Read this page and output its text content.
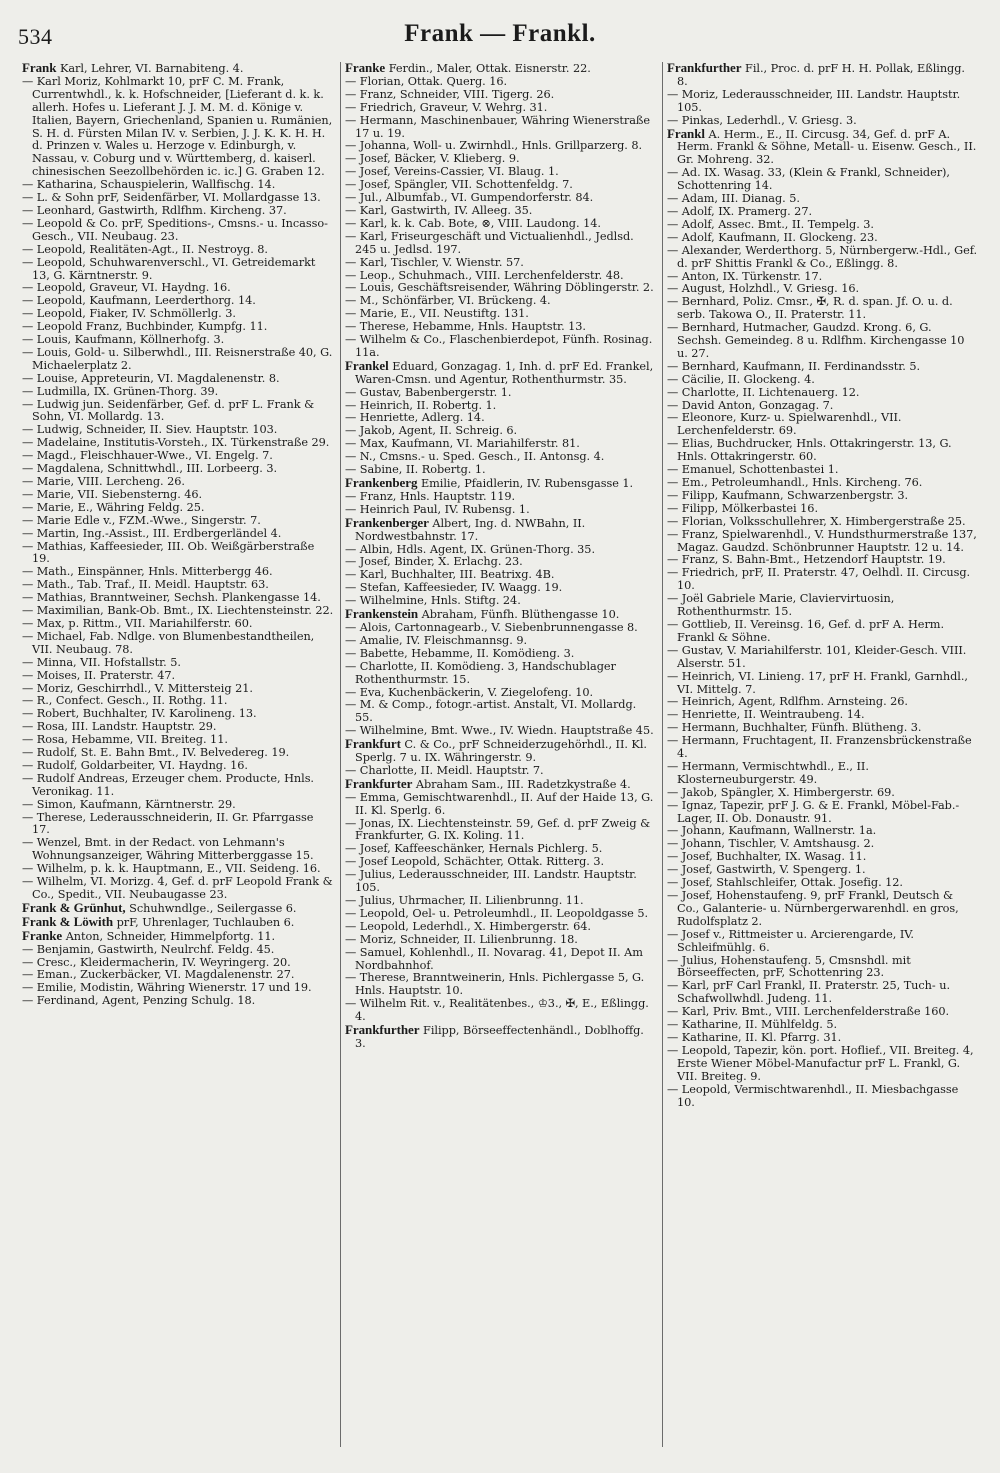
534	Frank — Frankl.

Frank Karl, Lehrer, VI. Barnabiteng. 4.

— Karl Moriz, Kohlmarkt 10, prF C. M. Frank, Currentwhdl., k. k. Hofschneider, [Lieferant d. k. k. allerh. Hofes u. Lieferant J. J. M. M. d. Könige v. Italien, Bayern, Griechenland, Spanien u. Rumänien, S. H. d. Fürsten Milan IV. v. Serbien, J. J. K. K. H. H. d. Prinzen v. Wales u. Herzoge v. Edinburgh, v. Nassau, v. Coburg und v. Württemberg, d. kaiserl. chinesischen Seezollbehörden ic. ic.] G. Graben 12.

— Katharina, Schauspielerin, Wallfischg. 14.

— L. & Sohn prF, Seidenfärber, VI. Mollardgasse 13.

— Leonhard, Gastwirth, Rdlfhm. Kircheng. 37.

— Leopold & Co. prF, Speditions-, Cmsns.- u. Incasso-Gesch., VII. Neubaug. 23.

— Leopold, Realitäten-Agt., II. Nestroyg. 8.

— Leopold, Schuhwarenverschl., VI. Getreidemarkt 13, G. Kärntnerstr. 9.

— Leopold, Graveur, VI. Haydng. 16.

— Leopold, Kaufmann, Leerderthorg. 14.

— Leopold, Fiaker, IV. Schmöllerlg. 3.

— Leopold Franz, Buchbinder, Kumpfg. 11.

— Louis, Kaufmann, Köllnerhofg. 3.

— Louis, Gold- u. Silberwhdl., III. Reisnerstraße 40, G. Michaelerplatz 2.

— Louise, Appreteurin, VI. Magdalenenstr. 8.

— Ludmilla, IX. Grünen-Thorg. 39.

— Ludwig jun. Seidenfärber, Gef. d. prF L. Frank & Sohn, VI. Mollardg. 13.

— Ludwig, Schneider, II. Siev. Hauptstr. 103.

— Madelaine, Institutis-Vorsteh., IX. Türkenstraße 29.

— Magd., Fleischhauer-Wwe., VI. Engelg. 7.

— Magdalena, Schnittwhdl., III. Lorbeerg. 3.

— Marie, VIII. Lercheng. 26.

— Marie, VII. Siebensterng. 46.

— Marie, E., Währing Feldg. 25.

— Marie Edle v., FZM.-Wwe., Singerstr. 7.

— Martin, Ing.-Assist., III. Erdbergerländel 4.

— Mathias, Kaffeesieder, III. Ob. Weißgärberstraße 19.

— Math., Einspänner, Hnls. Mitterbergg 46.

— Math., Tab. Traf., II. Meidl. Hauptstr. 63.

— Mathias, Branntweiner, Sechsh. Plankengasse 14.

— Maximilian, Bank-Ob. Bmt., IX. Liechtensteinstr. 22.

— Max, p. Rittm., VII. Mariahilferstr. 60.

— Michael, Fab. Ndlge. von Blumenbestandtheilen, VII. Neubaug. 78.

— Minna, VII. Hofstallstr. 5.

— Moises, II. Praterstr. 47.

— Moriz, Geschirrhdl., V. Mittersteig 21.

— R., Confect. Gesch., II. Rothg. 11.

— Robert, Buchhalter, IV. Karolineng. 13.

— Rosa, III. Landstr. Hauptstr. 29.

— Rosa, Hebamme, VII. Breiteg. 11.

— Rudolf, St. E. Bahn Bmt., IV. Belvedereg. 19.

— Rudolf, Goldarbeiter, VI. Haydng. 16.

— Rudolf Andreas, Erzeuger chem. Producte, Hnls. Veronikag. 11.

— Simon, Kaufmann, Kärntnerstr. 29.

— Therese, Lederausschneiderin, II. Gr. Pfarrgasse 17.

— Wenzel, Bmt. in der Redact. von Lehmann's Wohnungsanzeiger, Währing Mitterberggasse 15.

— Wilhelm, p. k. k. Hauptmann, E., VII. Seideng. 16.

— Wilhelm, VI. Morizg. 4, Gef. d. prF Leopold Frank & Co., Spedit., VII. Neubaugasse 23.

Frank & Grünhut, Schuhwndlge., Seilergasse 6.

Frank & Löwith prF, Uhrenlager, Tuchlauben 6.

Franke Anton, Schneider, Himmelpfortg. 11.

— Benjamin, Gastwirth, Neulrchf. Feldg. 45.

— Cresc., Kleidermacherin, IV. Weyringerg. 20.

— Eman., Zuckerbäcker, VI. Magdalenenstr. 27.

— Emilie, Modistin, Währing Wienerstr. 17 und 19.

— Ferdinand, Agent, Penzing Schulg. 18.

Franke Ferdin., Maler, Ottak. Eisnerstr. 22.

— Florian, Ottak. Querg. 16.

— Franz, Schneider, VIII. Tigerg. 26.

— Friedrich, Graveur, V. Wehrg. 31.

— Hermann, Maschinenbauer, Währing Wienerstraße 17 u. 19.

— Johanna, Woll- u. Zwirnhdl., Hnls. Grillparzerg. 8.

— Josef, Bäcker, V. Klieberg. 9.

— Josef, Vereins-Cassier, VI. Blaug. 1.

— Josef, Spängler, VII. Schottenfeldg. 7.

— Jul., Albumfab., VI. Gumpendorferstr. 84.

— Karl, Gastwirth, IV. Alleeg. 35.

— Karl, k. k. Cab. Bote, ⊗, VIII. Laudong. 14.

— Karl, Friseurgeschäft und Victualienhdl., Jedlsd. 245 u. Jedlsd. 197.

— Karl, Tischler, V. Wienstr. 57.

— Leop., Schuhmach., VIII. Lerchenfelderstr. 48.

— Louis, Geschäftsreisender, Währing Döblingerstr. 2.

— M., Schönfärber, VI. Brückeng. 4.

— Marie, E., VII. Neustiftg. 131.

— Therese, Hebamme, Hnls. Hauptstr. 13.

— Wilhelm & Co., Flaschenbierdepot, Fünfh. Rosinag. 11a.

Frankel Eduard, Gonzagag. 1, Inh. d. prF Ed. Frankel, Waren-Cmsn. und Agentur, Rothenthurmstr. 35.

— Gustav, Babenbergerstr. 1.

— Heinrich, II. Robertg. 1.

— Henriette, Adlerg. 14.

— Jakob, Agent, II. Schreig. 6.

— Max, Kaufmann, VI. Mariahilferstr. 81.

— N., Cmsns.- u. Sped. Gesch., II. Antonsg. 4.

— Sabine, II. Robertg. 1.

Frankenberg Emilie, Pfaidlerin, IV. Rubensgasse 1.

— Franz, Hnls. Hauptstr. 119.

— Heinrich Paul, IV. Rubensg. 1.

Frankenberger Albert, Ing. d. NWBahn, II. Nordwestbahnstr. 17.

— Albin, Hdls. Agent, IX. Grünen-Thorg. 35.

— Josef, Binder, X. Erlachg. 23.

— Karl, Buchhalter, III. Beatrixg. 4B.

— Stefan, Kaffeesieder, IV. Waagg. 19.

— Wilhelmine, Hnls. Stiftg. 24.

Frankenstein Abraham, Fünfh. Blüthengasse 10.

— Alois, Cartonnagearb., V. Siebenbrunnengasse 8.

— Amalie, IV. Fleischmannsg. 9.

— Babette, Hebamme, II. Komödieng. 3.

— Charlotte, II. Komödieng. 3, Handschublager Rothenthurmstr. 15.

— Eva, Kuchenbäckerin, V. Ziegelofeng. 10.

— M. & Comp., fotogr.-artist. Anstalt, VI. Mollardg. 55.

— Wilhelmine, Bmt. Wwe., IV. Wiedn. Hauptstraße 45.

Frankfurt C. & Co., prF Schneiderzugehörhdl., II. Kl. Sperlg. 7 u. IX. Währingerstr. 9.

— Charlotte, II. Meidl. Hauptstr. 7.

Frankfurter Abraham Sam., III. Radetzkystraße 4.

— Emma, Gemischtwarenhdl., II. Auf der Haide 13, G. II. Kl. Sperlg. 6.

— Jonas, IX. Liechtensteinstr. 59, Gef. d. prF Zweig & Frankfurter, G. IX. Koling. 11.

— Josef, Kaffeeschänker, Hernals Pichlerg. 5.

— Josef Leopold, Schächter, Ottak. Ritterg. 3.

— Julius, Lederausschneider, III. Landstr. Hauptstr. 105.

— Julius, Uhrmacher, II. Lilienbrunng. 11.

— Leopold, Oel- u. Petroleumhdl., II. Leopoldgasse 5.

— Leopold, Lederhdl., X. Himbergerstr. 64.

— Moriz, Schneider, II. Lilienbrunng. 18.

— Samuel, Kohlenhdl., II. Novarag. 41, Depot II. Am Nordbahnhof.

— Therese, Branntweinerin, Hnls. Pichlergasse 5, G. Hnls. Hauptstr. 10.

— Wilhelm Rit. v., Realitätenbes., ♔3., ✠, E., Eßlingg. 4.

Frankfurther Filipp, Börseeffectenhändl., Doblhoffg. 3.

Frankfurther Fil., Proc. d. prF H. H. Pollak, Eßlingg. 8.

— Moriz, Lederausschneider, III. Landstr. Hauptstr. 105.

— Pinkas, Lederhdl., V. Griesg. 3.

Frankl A. Herm., E., II. Circusg. 34, Gef. d. prF A. Herm. Frankl & Söhne, Metall- u. Eisenw. Gesch., II. Gr. Mohreng. 32.

— Ad. IX. Wasag. 33, (Klein & Frankl, Schneider), Schottenring 14.

— Adam, III. Dianag. 5.

— Adolf, IX. Pramerg. 27.

— Adolf, Assec. Bmt., II. Tempelg. 3.

— Adolf, Kaufmann, II. Glockeng. 23.

— Alexander, Werderthorg. 5, Nürnbergerw.-Hdl., Gef. d. prF Shittis Frankl & Co., Eßlingg. 8.

— Anton, IX. Türkenstr. 17.

— August, Holzhdl., V. Griesg. 16.

— Bernhard, Poliz. Cmsr., ✠, R. d. span. Jf. O. u. d. serb. Takowa O., II. Praterstr. 11.

— Bernhard, Hutmacher, Gaudzd. Krong. 6, G. Sechsh. Gemeindeg. 8 u. Rdlfhm. Kirchengasse 10 u. 27.

— Bernhard, Kaufmann, II. Ferdinandsstr. 5.

— Cäcilie, II. Glockeng. 4.

— Charlotte, II. Lichtenauerg. 12.

— David Anton, Gonzagag. 7.

— Eleonore, Kurz- u. Spielwarenhdl., VII. Lerchenfelderstr. 69.

— Elias, Buchdrucker, Hnls. Ottakringerstr. 13, G. Hnls. Ottakringerstr. 60.

— Emanuel, Schottenbastei 1.

— Em., Petroleumhandl., Hnls. Kircheng. 76.

— Filipp, Kaufmann, Schwarzenbergstr. 3.

— Filipp, Mölkerbastei 16.

— Florian, Volksschullehrer, X. Himbergerstraße 25.

— Franz, Spielwarenhdl., V. Hundsthurmerstraße 137, Magaz. Gaudzd. Schönbrunner Hauptstr. 12 u. 14.

— Franz, S. Bahn-Bmt., Hetzendorf Hauptstr. 19.

— Friedrich, prF, II. Praterstr. 47, Oelhdl. II. Circusg. 10.

— Joël Gabriele Marie, Claviervirtuosin, Rothenthurmstr. 15.

— Gottlieb, II. Vereinsg. 16, Gef. d. prF A. Herm. Frankl & Söhne.

— Gustav, V. Mariahilferstr. 101, Kleider-Gesch. VIII. Alserstr. 51.

— Heinrich, VI. Linieng. 17, prF H. Frankl, Garnhdl., VI. Mittelg. 7.

— Heinrich, Agent, Rdlfhm. Arnsteing. 26.

— Henriette, II. Weintraubeng. 14.

— Hermann, Buchhalter, Fünfh. Blütheng. 3.

— Hermann, Fruchtagent, II. Franzensbrückenstraße 4.

— Hermann, Vermischtwhdl., E., II. Klosterneuburgerstr. 49.

— Jakob, Spängler, X. Himbergerstr. 69.

— Ignaz, Tapezir, prF J. G. & E. Frankl, Möbel-Fab.-Lager, II. Ob. Donaustr. 91.

— Johann, Kaufmann, Wallnerstr. 1a.

— Johann, Tischler, V. Amtshausg. 2.

— Josef, Buchhalter, IX. Wasag. 11.

— Josef, Gastwirth, V. Spengerg. 1.

— Josef, Stahlschleifer, Ottak. Josefig. 12.

— Josef, Hohenstaufeng. 9, prF Frankl, Deutsch & Co., Galanterie- u. Nürnbergerwarenhdl. en gros, Rudolfsplatz 2.

— Josef v., Rittmeister u. Arcierengarde, IV. Schleifmühlg. 6.

— Julius, Hohenstaufeng. 5, Cmsnshdl. mit Börseeffecten, prF, Schottenring 23.

— Karl, prF Carl Frankl, II. Praterstr. 25, Tuch- u. Schafwollwhdl. Judeng. 11.

— Karl, Priv. Bmt., VIII. Lerchenfelderstraße 160.

— Katharine, II. Mühlfeldg. 5.

— Katharine, II. Kl. Pfarrg. 31.

— Leopold, Tapezir, kön. port. Hoflief., VII. Breiteg. 4, Erste Wiener Möbel-Manufactur prF L. Frankl, G. VII. Breiteg. 9.

— Leopold, Vermischtwarenhdl., II. Miesbachgasse 10.
